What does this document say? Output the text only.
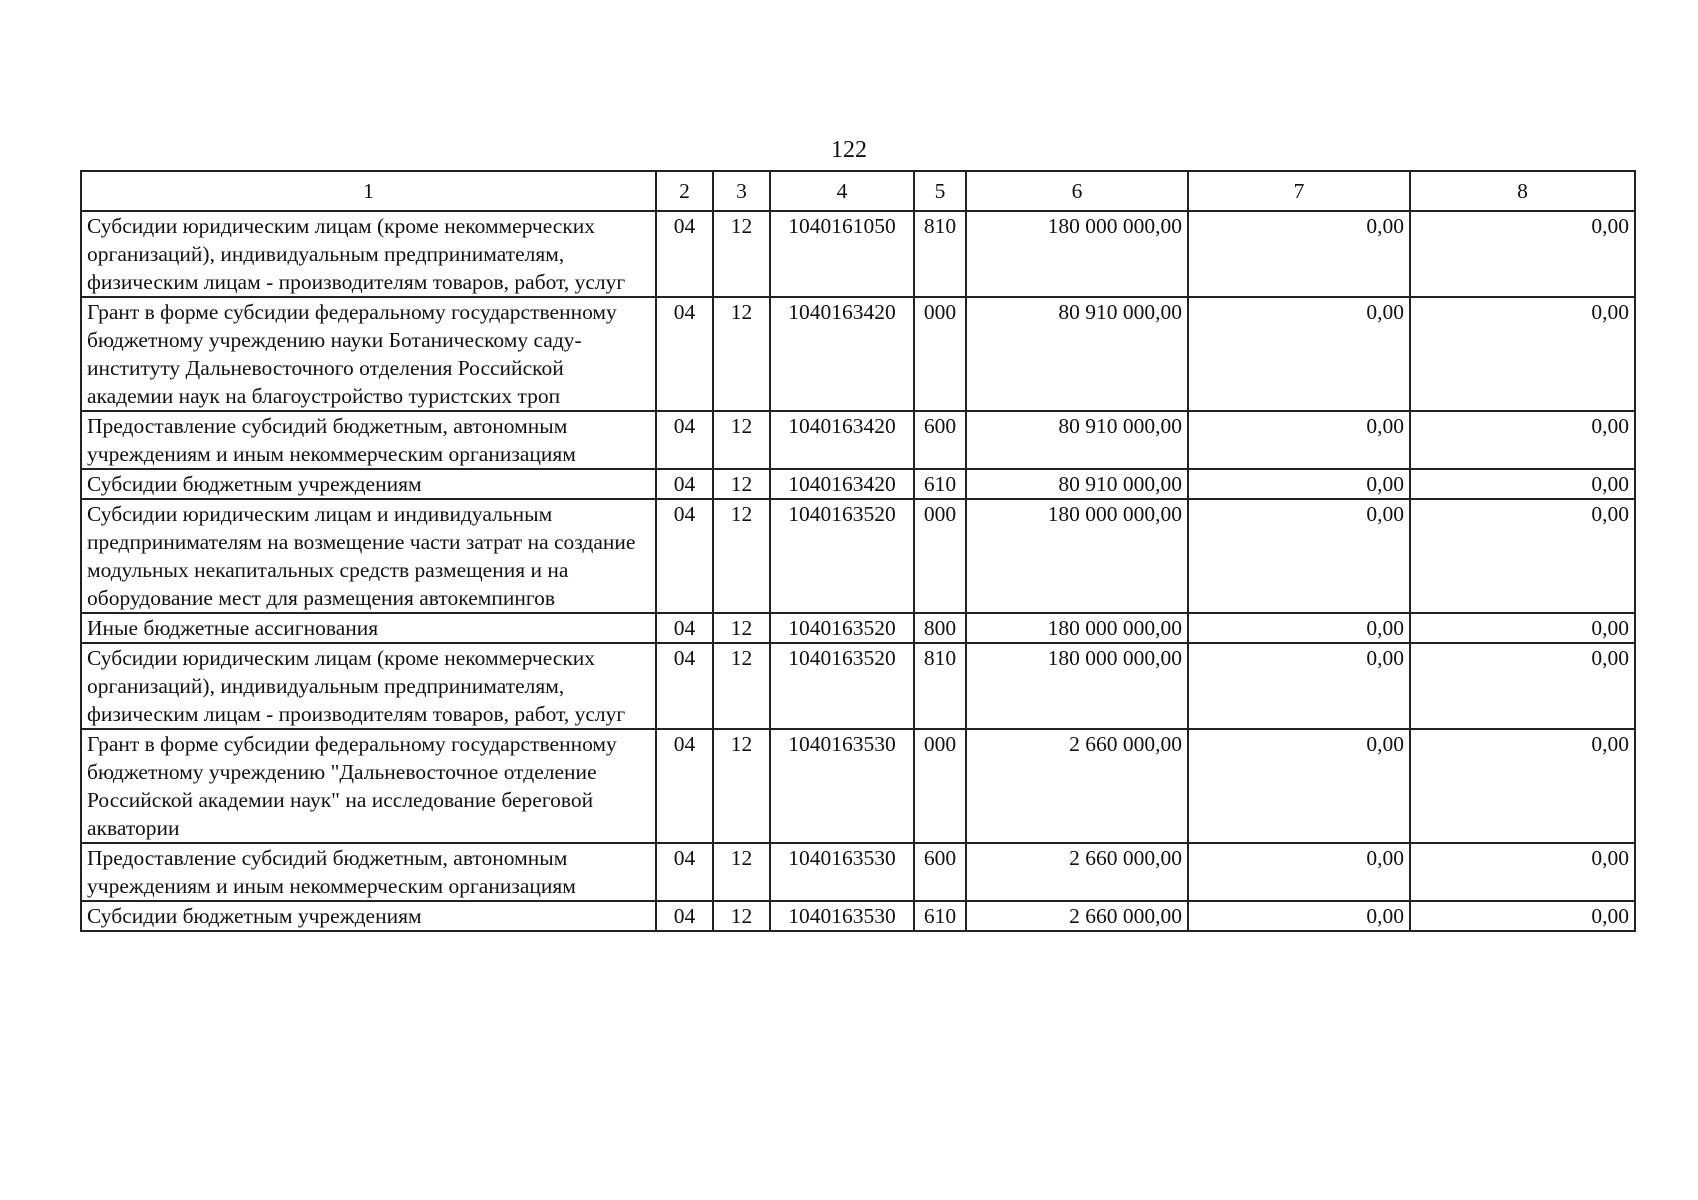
122
1	2	3	4	5	6	7	8
Субсидии юридическим лицам (кроме некоммерческих организаций), индивидуальным предпринимателям, физическим лицам - производителям товаров, работ, услуг	04	12	1040161050	810	180 000 000,00	0,00	0,00
Грант в форме субсидии федеральному государственному бюджетному учреждению науки Ботаническому саду-институту Дальневосточного отделения Российской академии наук на благоустройство туристских троп	04	12	1040163420	000	80 910 000,00	0,00	0,00
Предоставление субсидий бюджетным, автономным учреждениям и иным некоммерческим организациям	04	12	1040163420	600	80 910 000,00	0,00	0,00
Субсидии бюджетным учреждениям	04	12	1040163420	610	80 910 000,00	0,00	0,00
Субсидии юридическим лицам и индивидуальным предпринимателям на возмещение части затрат на создание модульных некапитальных средств размещения и на оборудование мест для размещения автокемпингов	04	12	1040163520	000	180 000 000,00	0,00	0,00
Иные бюджетные ассигнования	04	12	1040163520	800	180 000 000,00	0,00	0,00
Субсидии юридическим лицам (кроме некоммерческих организаций), индивидуальным предпринимателям, физическим лицам - производителям товаров, работ, услуг	04	12	1040163520	810	180 000 000,00	0,00	0,00
Грант в форме субсидии федеральному государственному бюджетному учреждению "Дальневосточное отделение Российской академии наук" на исследование береговой акватории	04	12	1040163530	000	2 660 000,00	0,00	0,00
Предоставление субсидий бюджетным, автономным учреждениям и иным некоммерческим организациям	04	12	1040163530	600	2 660 000,00	0,00	0,00
Субсидии бюджетным учреждениям	04	12	1040163530	610	2 660 000,00	0,00	0,00
